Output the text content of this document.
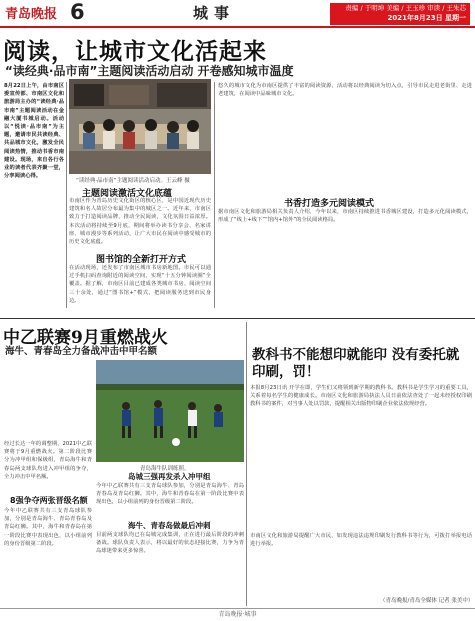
青岛晚报 6	城事	责编 / 于明坤 美编 / 王玉珍 审读 / 王朱芯
2021年8月23日 星期一
阅读，让城市文化活起来
“读经典·品市南”主题阅读活动启动 开卷感知城市温度
8月22日上午，由市南区委宣传部、市南区文化和旅游局主办的“读经典·品市南”主题阅读活动在金融大厦书城启动。活动以“悦读·品市南”为主题，邀请市民共读经典、共品城市文化，激发全民阅读热情，推动书香市南建设。现场，来自各行各业的读者代表齐聚一堂，分享阅读心得。
“读经典·品市南”主题阅读活动启动。王云峰 摄
主题阅读激活文化底蕴
市南区作为青岛历史文化街区的核心区，是中国近现代历史建筑和名人故居分布最为集中的城区之一。近年来，市南区致力于打造阅读品牌，推动全民阅读，文化氛围日益浓厚。本次活动将持续至9月底，期间将举办读书分享会、名家讲座、城市漫步等系列活动，让广大市民在阅读中感受城市的历史文化底蕴。
图书馆的全新打开方式
在活动现场，还发布了市南区城市书房新地图。市民可以通过手机扫码查询附近的阅读空间，实现“十五分钟阅读圈”全覆盖。据了解，市南区目前已建成各类城市书房、阅读空间三十余处，通过“图书馆+”模式，把阅读服务送到市民身边。
悠久的城市文化为市南区提供了丰富的阅读资源，活动将以经典阅读为切入点，引导市民走进老街里、走进老建筑，在阅读中品味城市文化。
书香打造多元阅读模式
据市南区文化和旅游局相关负责人介绍，今年以来，市南区持续推进书香城区建设，打造多元化阅读模式，形成了“线上+线下”“馆内+馆外”的全民阅读格局。
中乙联赛9月重燃战火
海牛、青春岛全力备战冲击中甲名额
青岛海牛队训练照。
经过长达一年的调整期，2021中乙联赛将于9月重燃战火。第二阶段比赛分为冲甲组和保级组，青岛海牛和青春岛两支球队均进入冲甲组的争夺，全力冲击中甲名额。
8强争夺两张晋级名额
今年中乙联赛共有三支青岛球队参加，分别是青岛海牛、青岛青春岛及青岛红狮。其中，海牛和青春岛在第一阶段比赛中表现出色，以小组前列的身份晋级第二阶段。
岛城三强再发杀入冲甲组
今年中乙联赛共有三支青岛球队参加，分别是青岛海牛、青岛青春岛及青岛红狮。其中，海牛和青春岛在第一阶段比赛中表现出色，以小组前列的身份晋级第二阶段。
海牛、青春岛做最后冲刺
目前两支球队均已在岛城完成集训，正在进行最后阶段的冲刺备战。球队负责人表示，将以最好的状态迎接比赛，力争为青岛球迷带来更多惊喜。
教科书不能想印就能印 没有委托就印刷，罚！
本报8月23日讯 开学在即，学生们又将领到新学期的教科书。教科书是学生学习的重要工具，关系着每名学生的健康成长。市南区文化和旅游局执法人员日前依法查处了一起未经授权印刷教科书的案件，对当事人处以罚款，提醒相关出版物印刷企业依法依规经营。
市南区文化和旅游局提醒广大市民，如发现违法违规印刷发行教科书等行为，可拨打举报电话进行举报。
（青岛晚报/青岛全媒体 记者 张美中）
青岛晚报·城事
